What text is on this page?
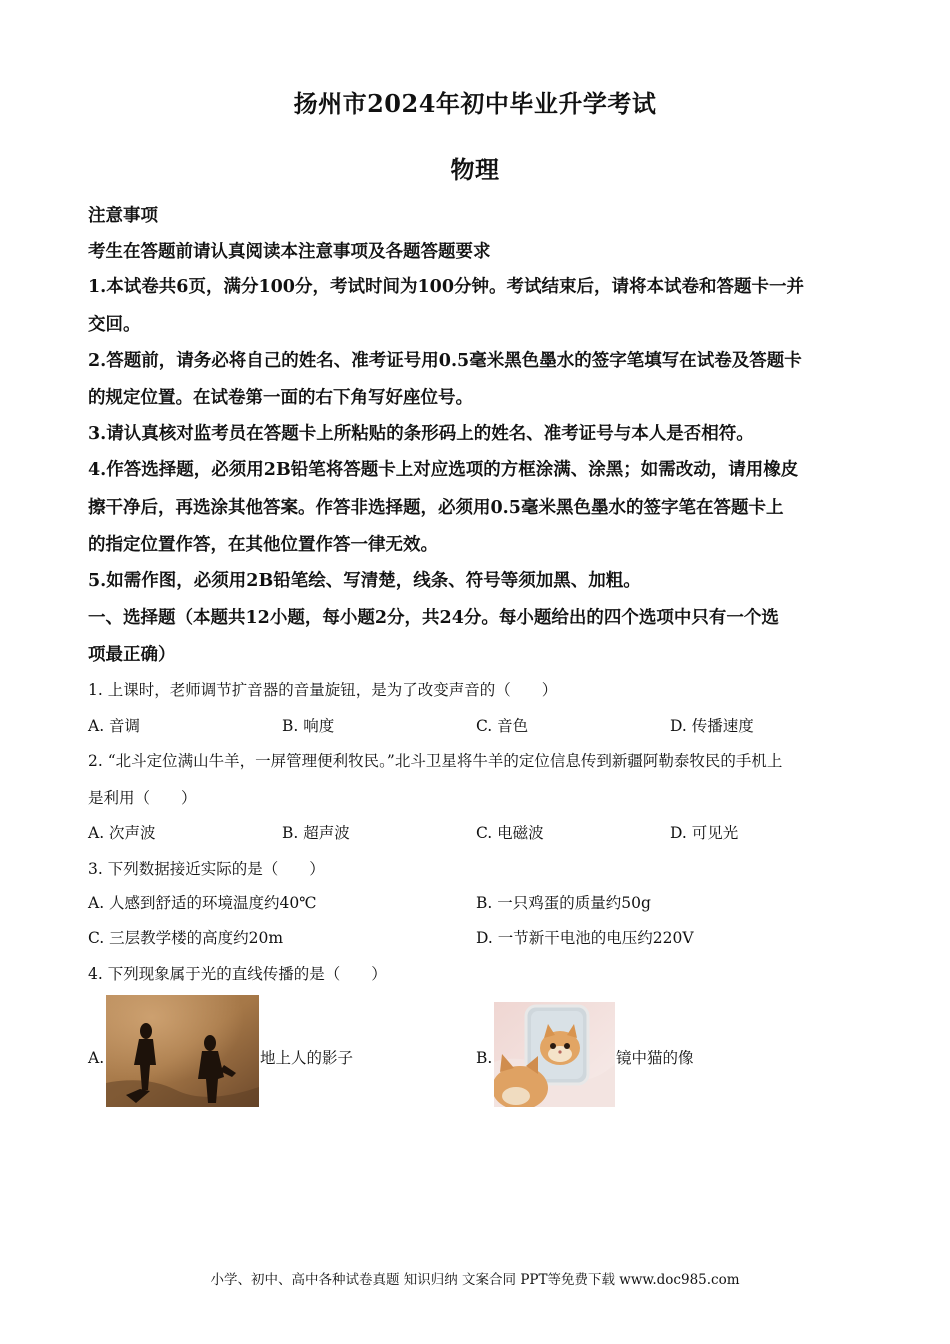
扬州市2024年初中毕业升学考试
物理
注意事项
考生在答题前请认真阅读本注意事项及各题答题要求
1.本试卷共6页，满分100分，考试时间为100分钟。考试结束后，请将本试卷和答题卡一并
交回。
2.答题前，请务必将自己的姓名、准考证号用0.5毫米黑色墨水的签字笔填写在试卷及答题卡
的规定位置。在试卷第一面的右下角写好座位号。
3.请认真核对监考员在答题卡上所粘贴的条形码上的姓名、准考证号与本人是否相符。
4.作答选择题，必须用2B铅笔将答题卡上对应选项的方框涂满、涂黑；如需改动，请用橡皮
擦干净后，再选涂其他答案。作答非选择题，必须用0.5毫米黑色墨水的签字笔在答题卡上
的指定位置作答，在其他位置作答一律无效。
5.如需作图，必须用2B铅笔绘、写清楚，线条、符号等须加黑、加粗。
一、选择题（本题共12小题，每小题2分，共24分。每小题给出的四个选项中只有一个选
项最正确）
1. 上课时，老师调节扩音器的音量旋钮，是为了改变声音的（　　）
A. 音调	B. 响度	C. 音色	D. 传播速度
2. “北斗定位满山牛羊，一屏管理便利牧民。”北斗卫星将牛羊的定位信息传到新疆阿勒泰牧民的手机上
是利用（　　）
A. 次声波	B. 超声波	C. 电磁波	D. 可见光
3. 下列数据接近实际的是（　　）
A. 人感到舒适的环境温度约40℃	B. 一只鸡蛋的质量约50g
C. 三层教学楼的高度约20m	D. 一节新干电池的电压约220V
4. 下列现象属于光的直线传播的是（　　）
A.	地上人的影子	B.	镜中猫的像
小学、初中、高中各种试卷真题 知识归纳 文案合同 PPT等免费下载 www.doc985.com
